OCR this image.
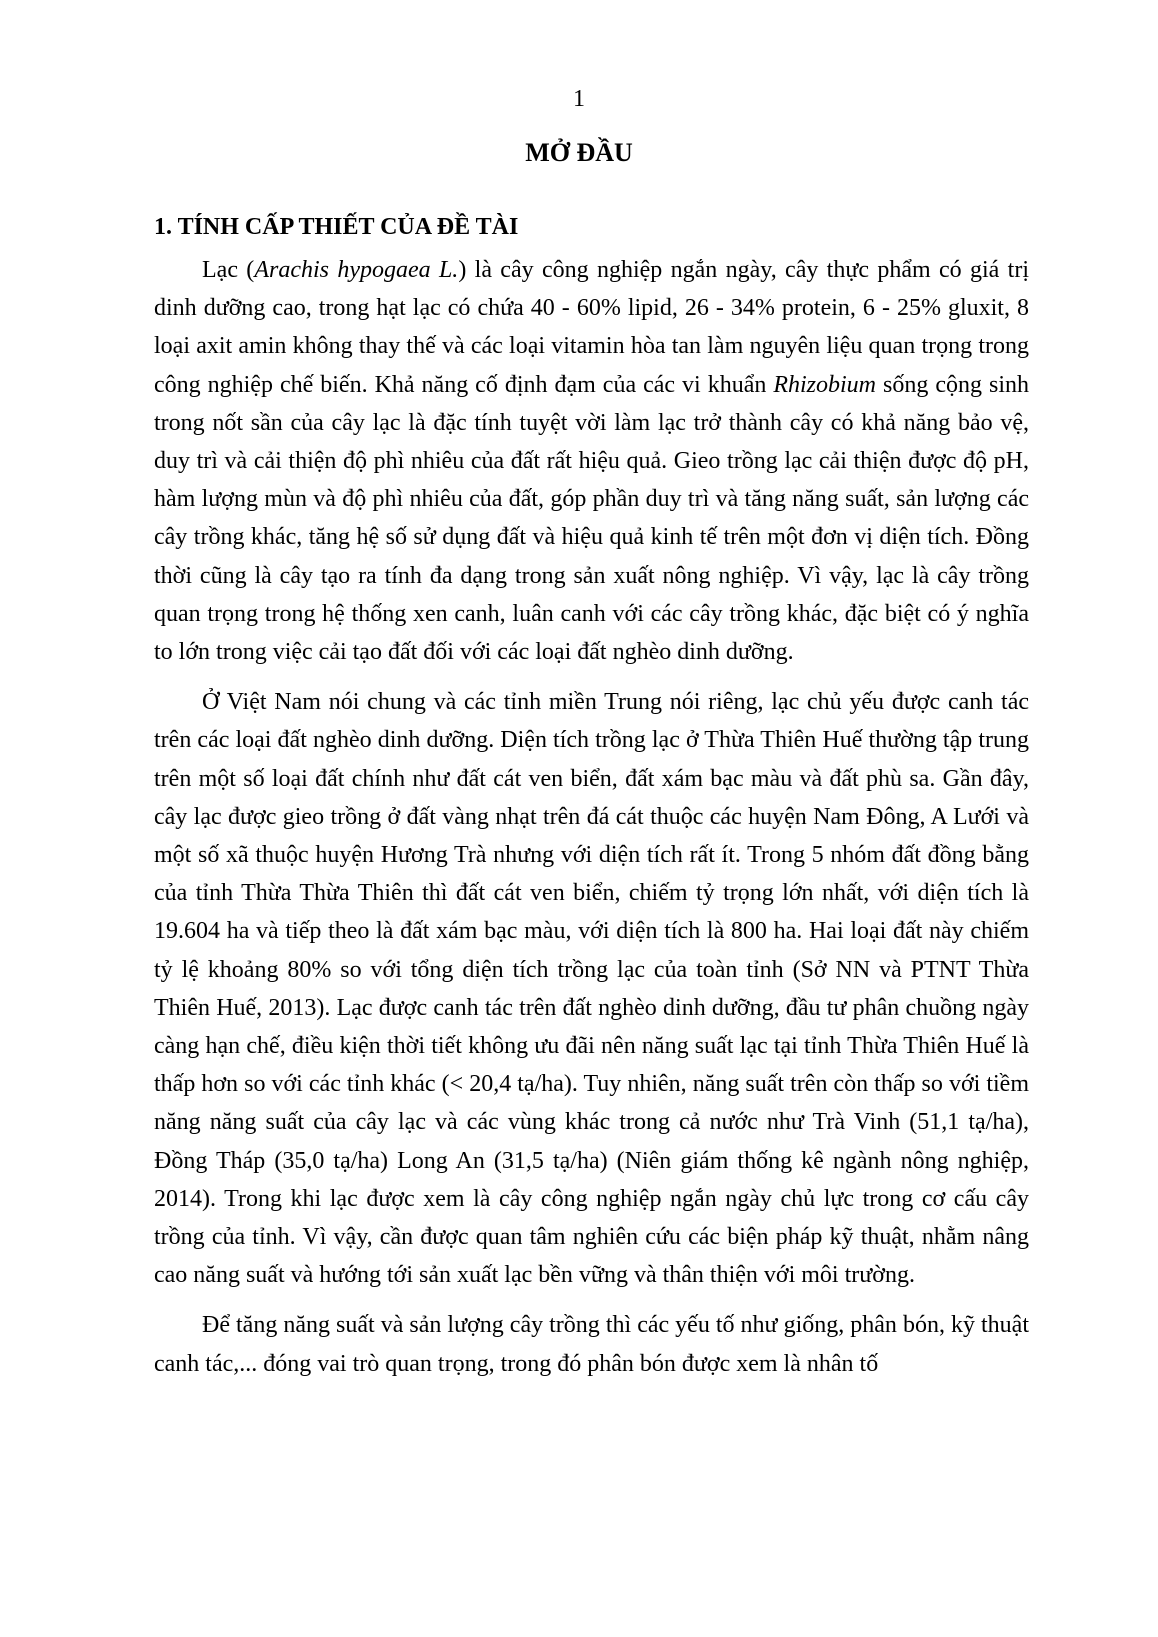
1
MỞ ĐẦU
1. TÍNH CẤP THIẾT CỦA ĐỀ TÀI

Lạc (Arachis hypogaea L.) là cây công nghiệp ngắn ngày, cây thực phẩm có giá trị dinh dưỡng cao, trong hạt lạc có chứa 40 - 60% lipid, 26 - 34% protein, 6 - 25% gluxit, 8 loại axit amin không thay thế và các loại vitamin hòa tan làm nguyên liệu quan trọng trong công nghiệp chế biến. Khả năng cố định đạm của các vi khuẩn Rhizobium sống cộng sinh trong nốt sần của cây lạc là đặc tính tuyệt vời làm lạc trở thành cây có khả năng bảo vệ, duy trì và cải thiện độ phì nhiêu của đất rất hiệu quả. Gieo trồng lạc cải thiện được độ pH, hàm lượng mùn và độ phì nhiêu của đất, góp phần duy trì và tăng năng suất, sản lượng các cây trồng khác, tăng hệ số sử dụng đất và hiệu quả kinh tế trên một đơn vị diện tích. Đồng thời cũng là cây tạo ra tính đa dạng trong sản xuất nông nghiệp. Vì vậy, lạc là cây trồng quan trọng trong hệ thống xen canh, luân canh với các cây trồng khác, đặc biệt có ý nghĩa to lớn trong việc cải tạo đất đối với các loại đất nghèo dinh dưỡng.

Ở Việt Nam nói chung và các tỉnh miền Trung nói riêng, lạc chủ yếu được canh tác trên các loại đất nghèo dinh dưỡng. Diện tích trồng lạc ở Thừa Thiên Huế thường tập trung trên một số loại đất chính như đất cát ven biển, đất xám bạc màu và đất phù sa. Gần đây, cây lạc được gieo trồng ở đất vàng nhạt trên đá cát thuộc các huyện Nam Đông, A Lưới và một số xã thuộc huyện Hương Trà nhưng với diện tích rất ít. Trong 5 nhóm đất đồng bằng của tỉnh Thừa Thừa Thiên thì đất cát ven biển, chiếm tỷ trọng lớn nhất, với diện tích là 19.604 ha và tiếp theo là đất xám bạc màu, với diện tích là 800 ha. Hai loại đất này chiếm tỷ lệ khoảng 80% so với tổng diện tích trồng lạc của toàn tỉnh (Sở NN và PTNT Thừa Thiên Huế, 2013). Lạc được canh tác trên đất nghèo dinh dưỡng, đầu tư phân chuồng ngày càng hạn chế, điều kiện thời tiết không ưu đãi nên năng suất lạc tại tỉnh Thừa Thiên Huế là thấp hơn so với các tỉnh khác (< 20,4 tạ/ha). Tuy nhiên, năng suất trên còn thấp so với tiềm năng năng suất của cây lạc và các vùng khác trong cả nước như Trà Vinh (51,1 tạ/ha), Đồng Tháp (35,0 tạ/ha) Long An (31,5 tạ/ha) (Niên giám thống kê ngành nông nghiệp, 2014). Trong khi lạc được xem là cây công nghiệp ngắn ngày chủ lực trong cơ cấu cây trồng của tỉnh. Vì vậy, cần được quan tâm nghiên cứu các biện pháp kỹ thuật, nhằm nâng cao năng suất và hướng tới sản xuất lạc bền vững và thân thiện với môi trường.

Để tăng năng suất và sản lượng cây trồng thì các yếu tố như giống, phân bón, kỹ thuật canh tác,... đóng vai trò quan trọng, trong đó phân bón được xem là nhân tố
